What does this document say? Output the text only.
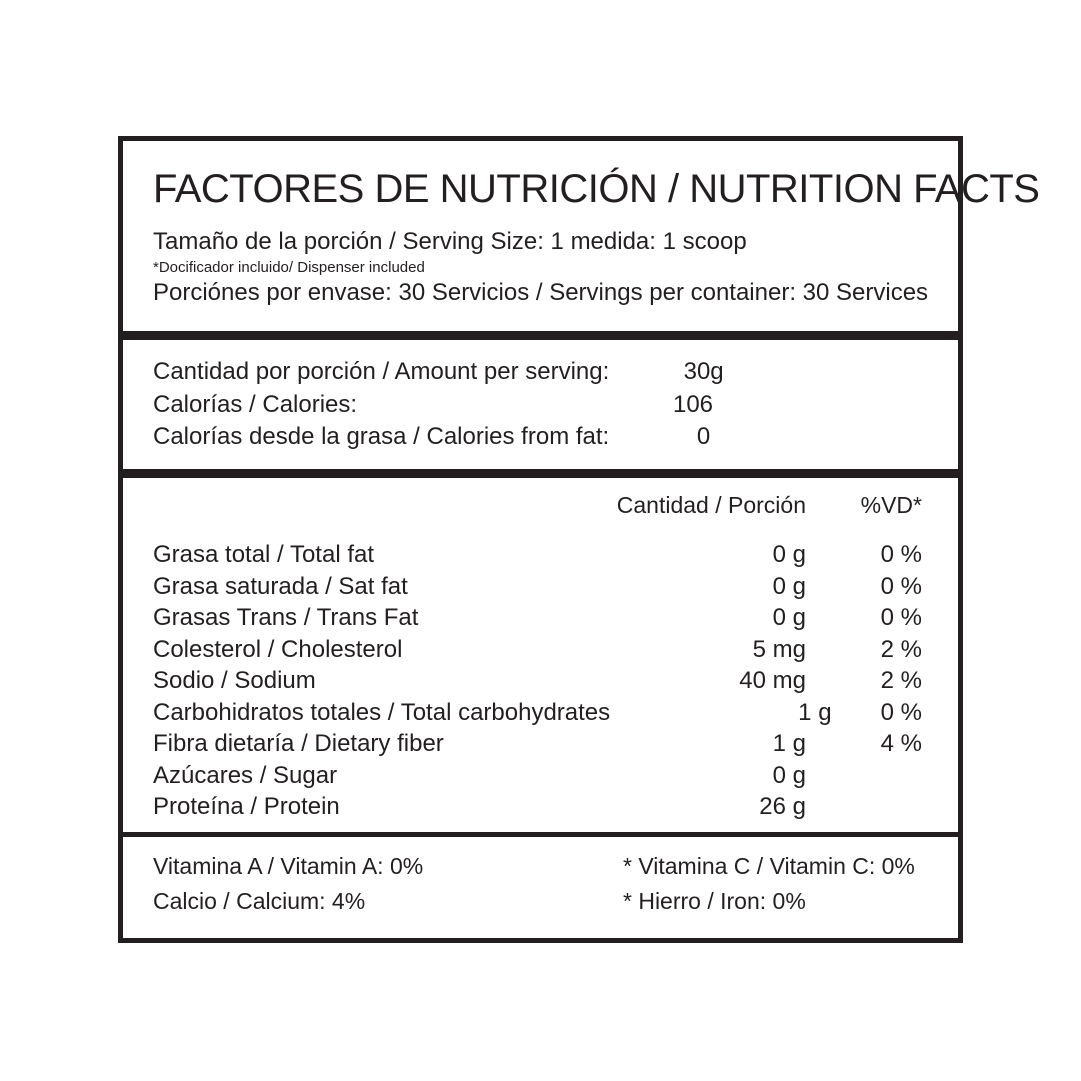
FACTORES DE NUTRICIÓN / NUTRITION FACTS
Tamaño de la porción / Serving Size: 1 medida: 1 scoop
*Docificador incluido/ Dispenser included
Porciónes por envase: 30 Servicios / Servings per container: 30 Services
Cantidad por porción / Amount per serving:	30g
Calorías / Calories:	106
Calorías desde la grasa / Calories from fat:	0
Cantidad / Porción	%VD*
Grasa total / Total fat	0 g	0 %
Grasa saturada / Sat fat	0 g	0 %
Grasas Trans / Trans Fat	0 g	0 %
Colesterol / Cholesterol	5 mg	2 %
Sodio / Sodium	40 mg	2 %
Carbohidratos totales / Total carbohydrates	1 g	0 %
Fibra dietaría / Dietary fiber	1 g	4 %
Azúcares / Sugar	0 g
Proteína / Protein	26 g
Vitamina A / Vitamin A: 0%	* Vitamina C / Vitamin C: 0%
Calcio / Calcium: 4%	* Hierro / Iron: 0%
